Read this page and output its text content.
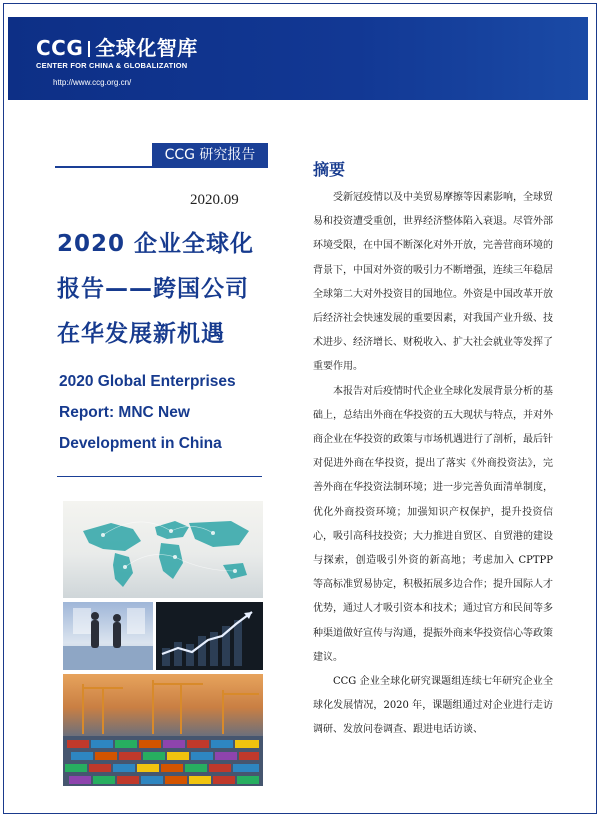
CCG 全球化智库
CENTER FOR CHINA & GLOBALIZATION
http://www.ccg.org.cn/
CCG 研究报告
2020.09
2020 企业全球化
报告——跨国公司
在华发展新机遇
2020 Global Enterprises
Report: MNC New
Development in China
摘要

受新冠疫情以及中美贸易摩擦等因素影响，全球贸易和投资遭受重创，世界经济整体陷入衰退。尽管外部环境受限，在中国不断深化对外开放，完善营商环境的背景下，中国对外资的吸引力不断增强，连续三年稳居全球第二大对外投资目的国地位。外资是中国改革开放后经济社会快速发展的重要因素，对我国产业升级、技术进步、经济增长、财税收入、扩大社会就业等发挥了重要作用。

本报告对后疫情时代企业全球化发展背景分析的基础上，总结出外商在华投资的五大现状与特点，并对外商企业在华投资的政策与市场机遇进行了剖析，最后针对促进外商在华投资，提出了落实《外商投资法》，完善外商在华投资法制环境；进一步完善负面清单制度，优化外商投资环境；加强知识产权保护，提升投资信心，吸引高科技投资；大力推进自贸区、自贸港的建设与探索，创造吸引外资的新高地；考虑加入 CPTPP 等高标准贸易协定，积极拓展多边合作；提升国际人才优势，通过人才吸引资本和技术；通过官方和民间等多种渠道做好宣传与沟通，提振外商来华投资信心等政策建议。

CCG 企业全球化研究课题组连续七年研究企业全球化发展情况，2020 年，课题组通过对企业进行走访调研、发放问卷调查、跟进电话访谈、
